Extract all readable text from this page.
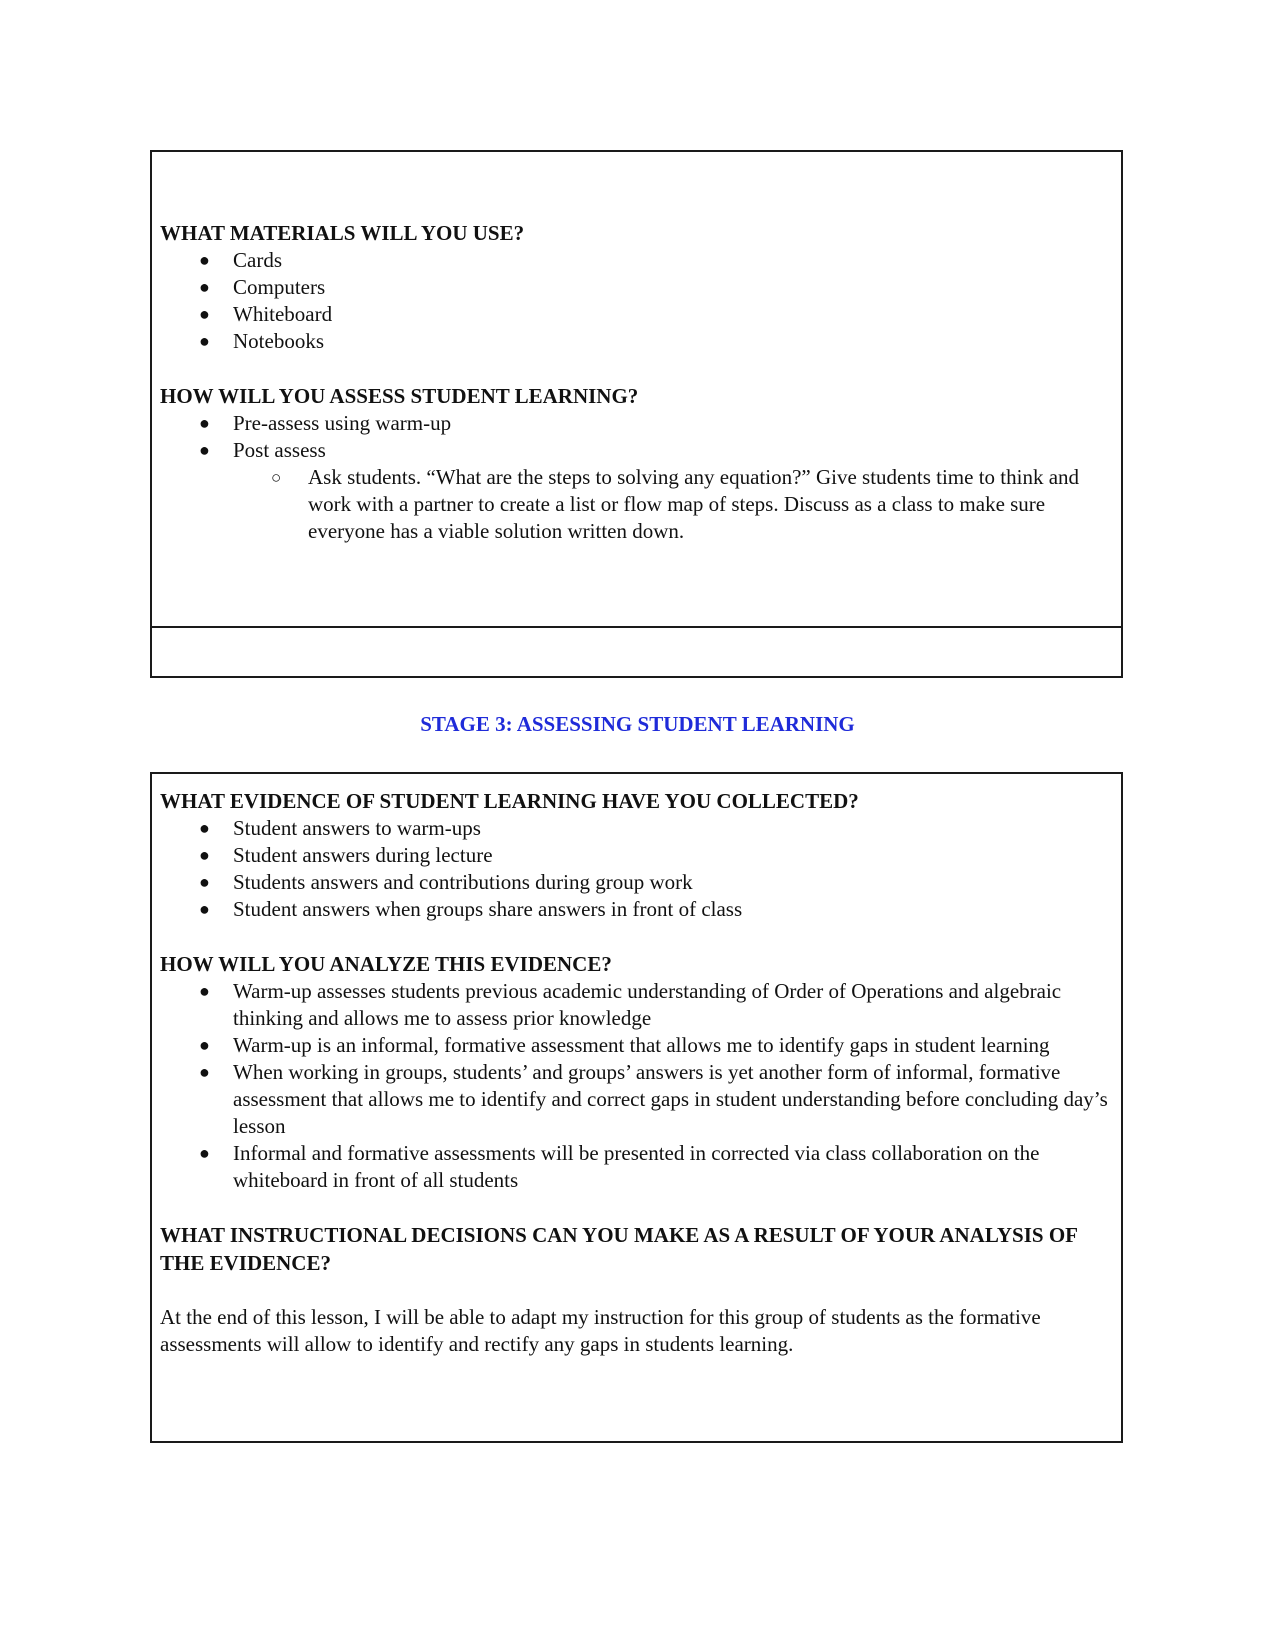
WHAT MATERIALS WILL YOU USE?

● Cards
● Computers
● Whiteboard
● Notebooks

HOW WILL YOU ASSESS STUDENT LEARNING?

● Pre-assess using warm-up
● Post assess
○ Ask students. “What are the steps to solving any equation?” Give students time to think and work with a partner to create a list or flow map of steps. Discuss as a class to make sure everyone has a viable solution written down.
STAGE 3: ASSESSING STUDENT LEARNING

WHAT EVIDENCE OF STUDENT LEARNING HAVE YOU COLLECTED?

● Student answers to warm-ups
● Student answers during lecture
● Students answers and contributions during group work
● Student answers when groups share answers in front of class

HOW WILL YOU ANALYZE THIS EVIDENCE?

● Warm-up assesses students previous academic understanding of Order of Operations and algebraic thinking and allows me to assess prior knowledge
● Warm-up is an informal, formative assessment that allows me to identify gaps in student learning
● When working in groups, students’ and groups’ answers is yet another form of informal, formative assessment that allows me to identify and correct gaps in student understanding before concluding day’s lesson
● Informal and formative assessments will be presented in corrected via class collaboration on the whiteboard in front of all students

WHAT INSTRUCTIONAL DECISIONS CAN YOU MAKE AS A RESULT OF YOUR ANALYSIS OF THE EVIDENCE?

At the end of this lesson, I will be able to adapt my instruction for this group of students as the formative assessments will allow to identify and rectify any gaps in students learning.
